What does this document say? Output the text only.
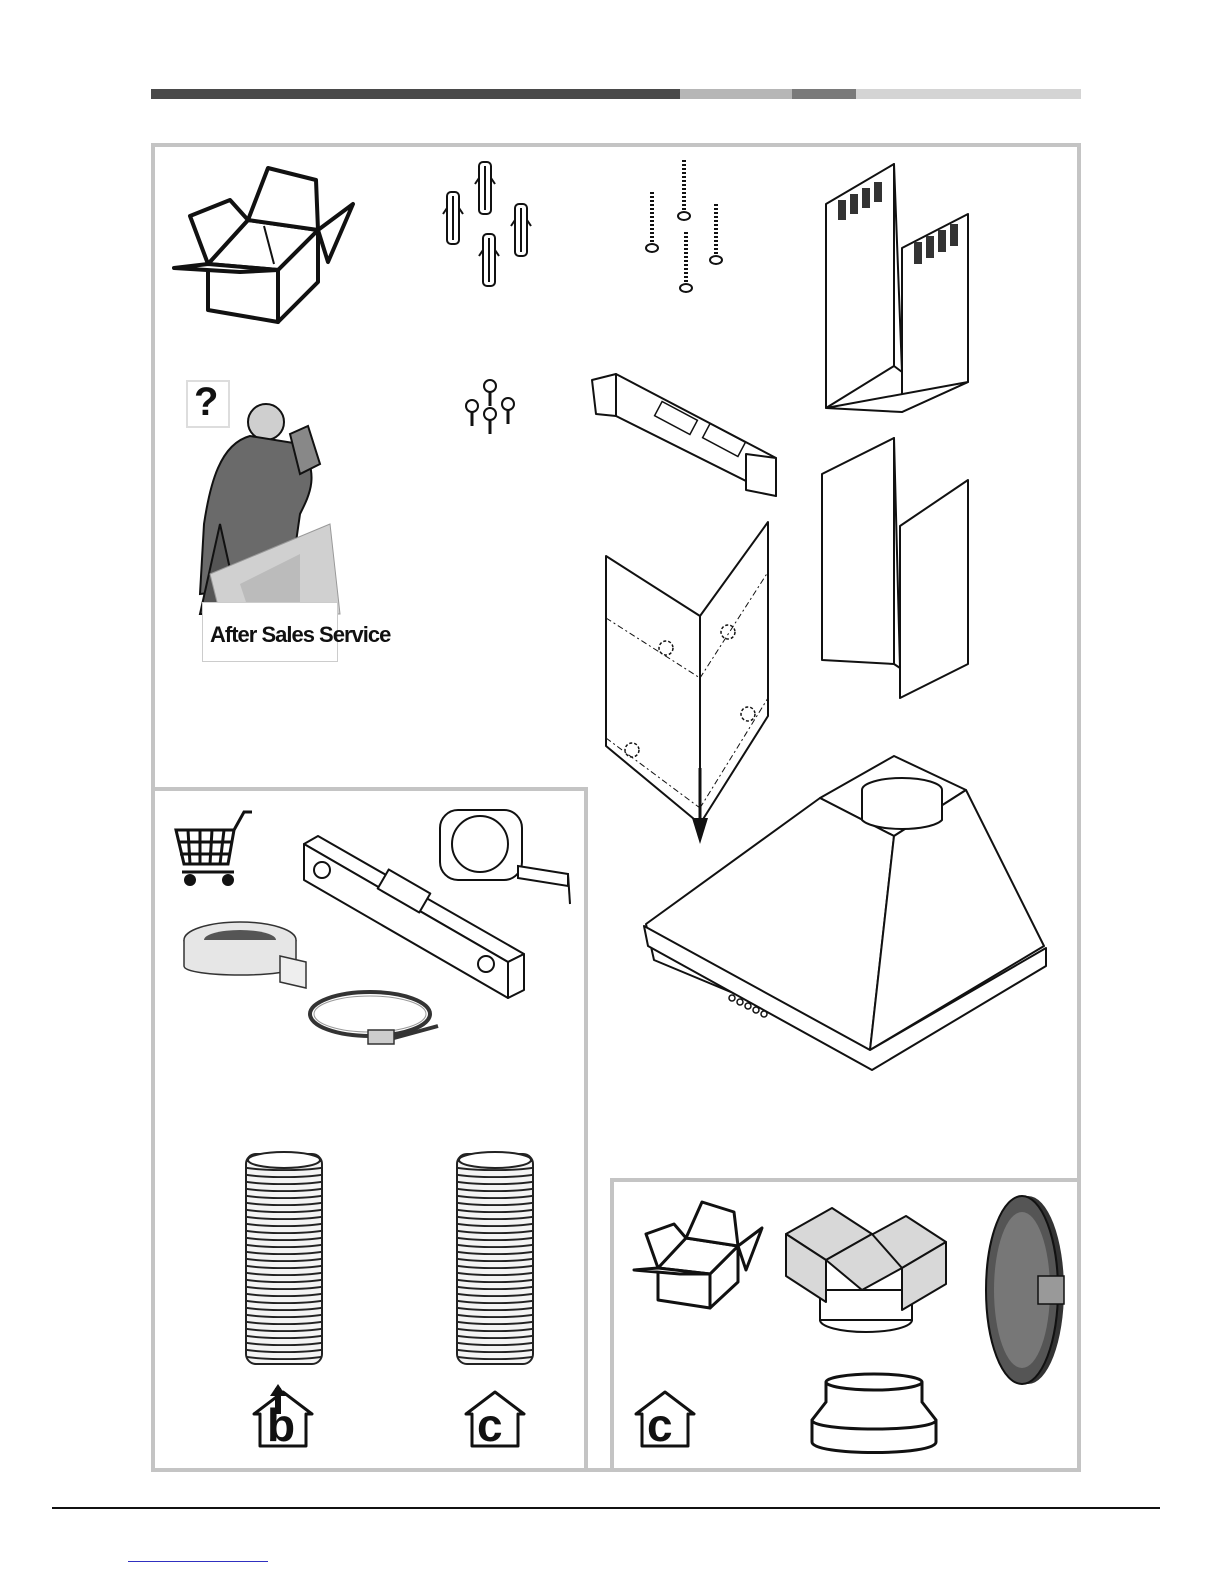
?
After Sales Service
b	c	c
